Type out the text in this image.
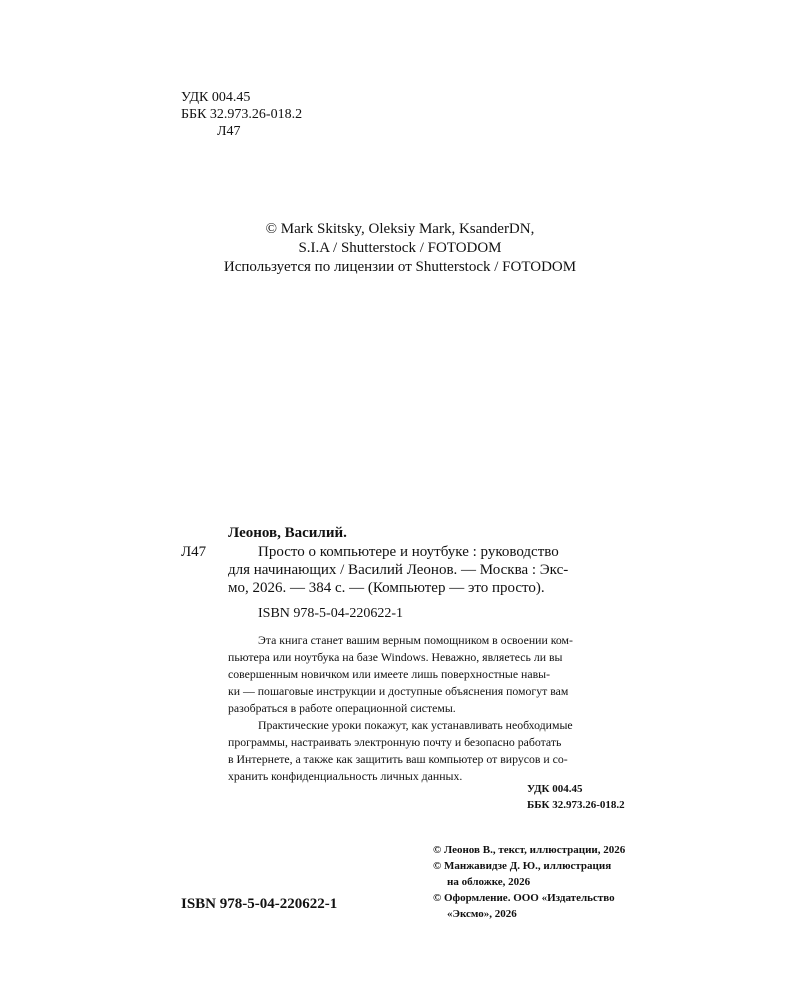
УДК 004.45
ББК 32.973.26-018.2
Л47
© Mark Skitsky, Oleksiy Mark, KsanderDN,
S.I.A / Shutterstock / FOTODOM
Используется по лицензии от Shutterstock / FOTODOM
Леонов, Василий.
Л47	Просто о компьютере и ноутбуке : руководство
для начинающих / Василий Леонов. — Москва : Экс-
мо, 2026. — 384 с. — (Компьютер — это просто).
ISBN 978-5-04-220622-1
Эта книга станет вашим верным помощником в освоении ком-
пьютера или ноутбука на базе Windows. Неважно, являетесь ли вы
совершенным новичком или имеете лишь поверхностные навы-
ки — пошаговые инструкции и доступные объяснения помогут вам
разобраться в работе операционной системы.
Практические уроки покажут, как устанавливать необходимые
программы, настраивать электронную почту и безопасно работать
в Интернете, а также как защитить ваш компьютер от вирусов и со-
хранить конфиденциальность личных данных.
УДК 004.45
ББК 32.973.26-018.2
© Леонов В., текст, иллюстрации, 2026
© Манжавидзе Д. Ю., иллюстрация
на обложке, 2026
© Оформление. ООО «Издательство
«Эксмо», 2026
ISBN 978-5-04-220622-1
